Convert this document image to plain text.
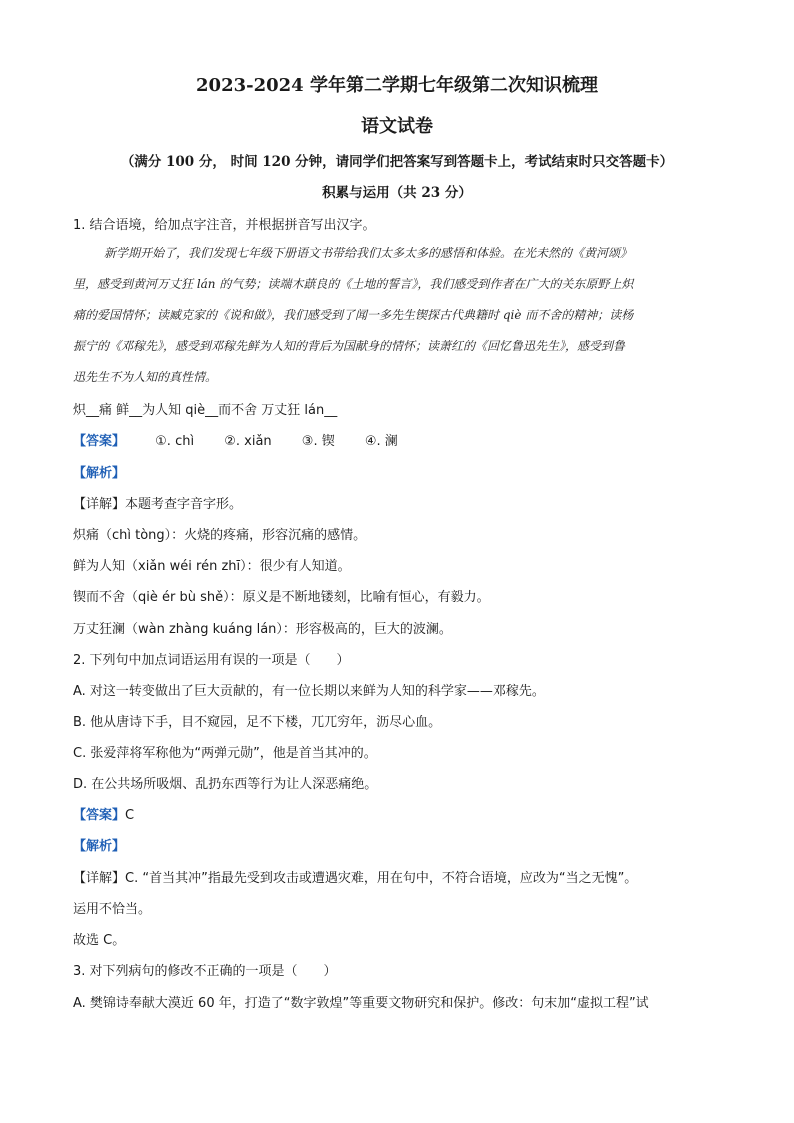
2023-2024 学年第二学期七年级第二次知识梳理
语文试卷
（满分 100 分， 时间 120 分钟，请同学们把答案写到答题卡上，考试结束时只交答题卡）
积累与运用（共 23 分）
1. 结合语境，给加点字注音，并根据拼音写出汉字。
新学期开始了，我们发现七年级下册语文书带给我们太多太多的感悟和体验。在光未然的《黄河颂》
里，感受到黄河万丈狂 lán 的气势；读端木蕻良的《土地的誓言》，我们感受到作者在广大的关东原野上炽
痛的爱国情怀；读臧克家的《说和做》，我们感受到了闻一多先生锲探古代典籍时 qiè 而不舍的精神；读杨
振宁的《邓稼先》，感受到邓稼先鲜为人知的背后为国献身的情怀；读萧红的《回忆鲁迅先生》，感受到鲁
迅先生不为人知的真性情。
炽__痛 鲜__为人知 qiè__而不舍 万丈狂 lán__
【答案】 ①. chì ②. xiǎn ③. 锲 ④. 澜
【解析】
【详解】本题考查字音字形。
炽痛（chì tòng）：火烧的疼痛，形容沉痛的感情。
鲜为人知（xiǎn wéi rén zhī）：很少有人知道。
锲而不舍（qiè ér bù shě）：原义是不断地镂刻，比喻有恒心，有毅力。
万丈狂澜（wàn zhàng kuáng lán）：形容极高的，巨大的波澜。
2. 下列句中加点词语运用有误的一项是（　　）
A. 对这一转变做出了巨大贡献的，有一位长期以来鲜为人知的科学家——邓稼先。
B. 他从唐诗下手，目不窥园，足不下楼，兀兀穷年，沥尽心血。
C. 张爱萍将军称他为“两弹元勋”，他是首当其冲的。
D. 在公共场所吸烟、乱扔东西等行为让人深恶痛绝。
【答案】C
【解析】
【详解】C. “首当其冲”指最先受到攻击或遭遇灾难，用在句中，不符合语境，应改为“当之无愧”。
运用不恰当。
故选 C。
3. 对下列病句的修改不正确的一项是（　　）
A. 樊锦诗奉献大漠近 60 年，打造了“数字敦煌”等重要文物研究和保护。修改：句末加“虚拟工程”试
